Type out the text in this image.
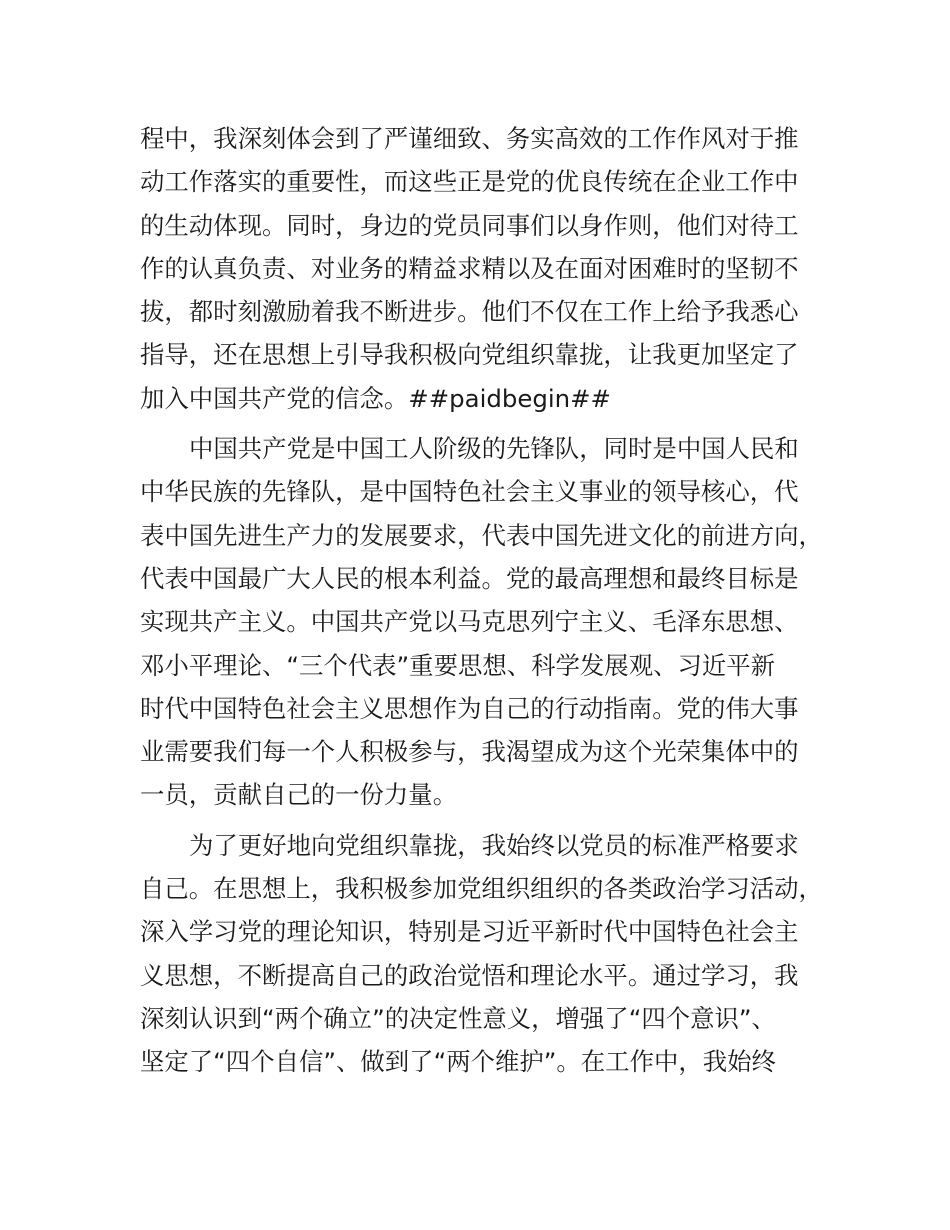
程中，我深刻体会到了严谨细致、务实高效的工作作风对于推
动工作落实的重要性，而这些正是党的优良传统在企业工作中
的生动体现。同时，身边的党员同事们以身作则，他们对待工
作的认真负责、对业务的精益求精以及在面对困难时的坚韧不
拔，都时刻激励着我不断进步。他们不仅在工作上给予我悉心
指导，还在思想上引导我积极向党组织靠拢，让我更加坚定了
加入中国共产党的信念。##paidbegin##

中国共产党是中国工人阶级的先锋队，同时是中国人民和
中华民族的先锋队，是中国特色社会主义事业的领导核心，代
表中国先进生产力的发展要求，代表中国先进文化的前进方向，
代表中国最广大人民的根本利益。党的最高理想和最终目标是
实现共产主义。中国共产党以马克思列宁主义、毛泽东思想、
邓小平理论、“三个代表”重要思想、科学发展观、习近平新
时代中国特色社会主义思想作为自己的行动指南。党的伟大事
业需要我们每一个人积极参与，我渴望成为这个光荣集体中的
一员，贡献自己的一份力量。

为了更好地向党组织靠拢，我始终以党员的标准严格要求
自己。在思想上，我积极参加党组织组织的各类政治学习活动，
深入学习党的理论知识，特别是习近平新时代中国特色社会主
义思想，不断提高自己的政治觉悟和理论水平。通过学习，我
深刻认识到“两个确立”的决定性意义，增强了“四个意识”、
坚定了“四个自信”、做到了“两个维护”。在工作中，我始终
